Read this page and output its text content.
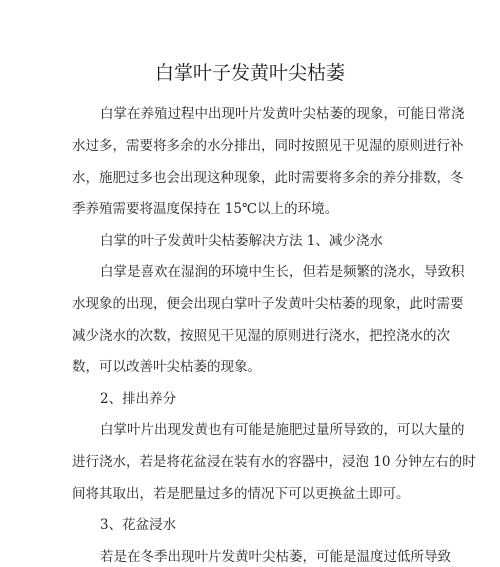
白掌叶子发黄叶尖枯萎
白掌在养殖过程中出现叶片发黄叶尖枯萎的现象，可能日常浇
水过多，需要将多余的水分排出，同时按照见干见湿的原则进行补
水，施肥过多也会出现这种现象，此时需要将多余的养分排数，冬
季养殖需要将温度保持在 15℃以上的环境。
白掌的叶子发黄叶尖枯萎解决方法 1、减少浇水
白掌是喜欢在湿润的环境中生长，但若是频繁的浇水，导致积
水现象的出现，便会出现白掌叶子发黄叶尖枯萎的现象，此时需要
减少浇水的次数，按照见干见湿的原则进行浇水，把控浇水的次
数，可以改善叶尖枯萎的现象。
2、排出养分
白掌叶片出现发黄也有可能是施肥过量所导致的，可以大量的
进行浇水，若是将花盆浸在装有水的容器中，浸泡 10 分钟左右的时
间将其取出，若是肥量过多的情况下可以更换盆土即可。
3、花盆浸水
若是在冬季出现叶片发黄叶尖枯萎，可能是温度过低所导致
